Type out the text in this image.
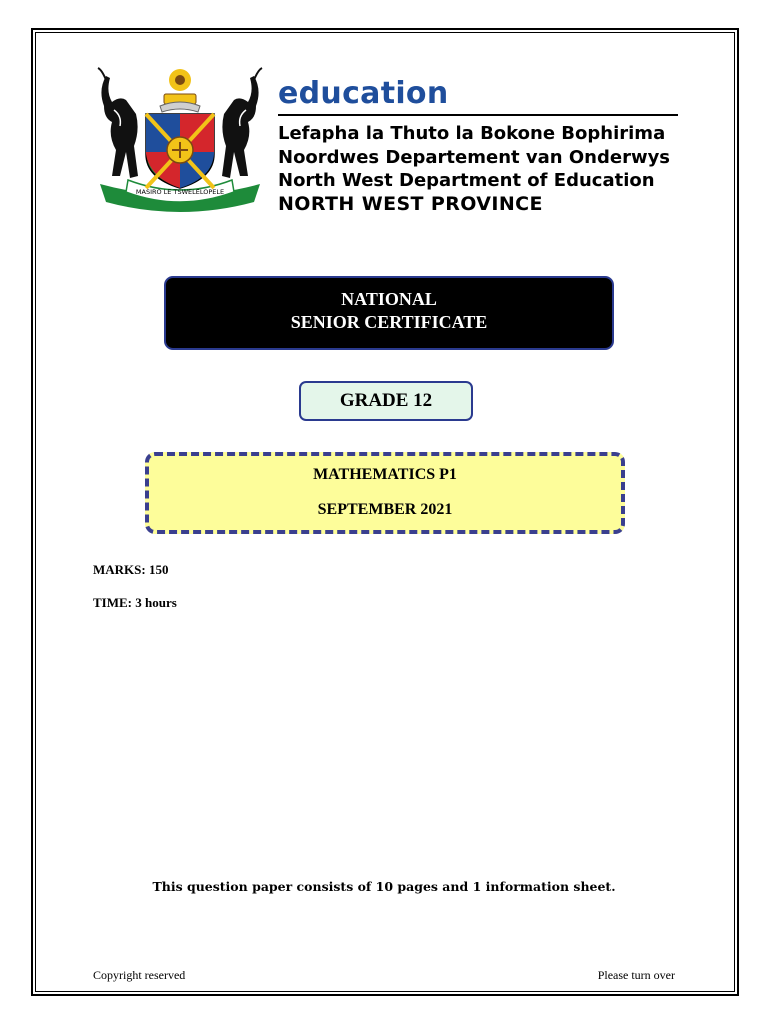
MASIRO LE TSWELELOPELE
education
Lefapha la Thuto la Bokone Bophirima
Noordwes Departement van Onderwys
North West Department of Education
NORTH WEST PROVINCE
NATIONAL
SENIOR CERTIFICATE
GRADE 12
MATHEMATICS P1
SEPTEMBER 2021
MARKS: 150
TIME: 3 hours
This question paper consists of 10 pages and 1 information sheet.
Copyright reserved	Please turn over
